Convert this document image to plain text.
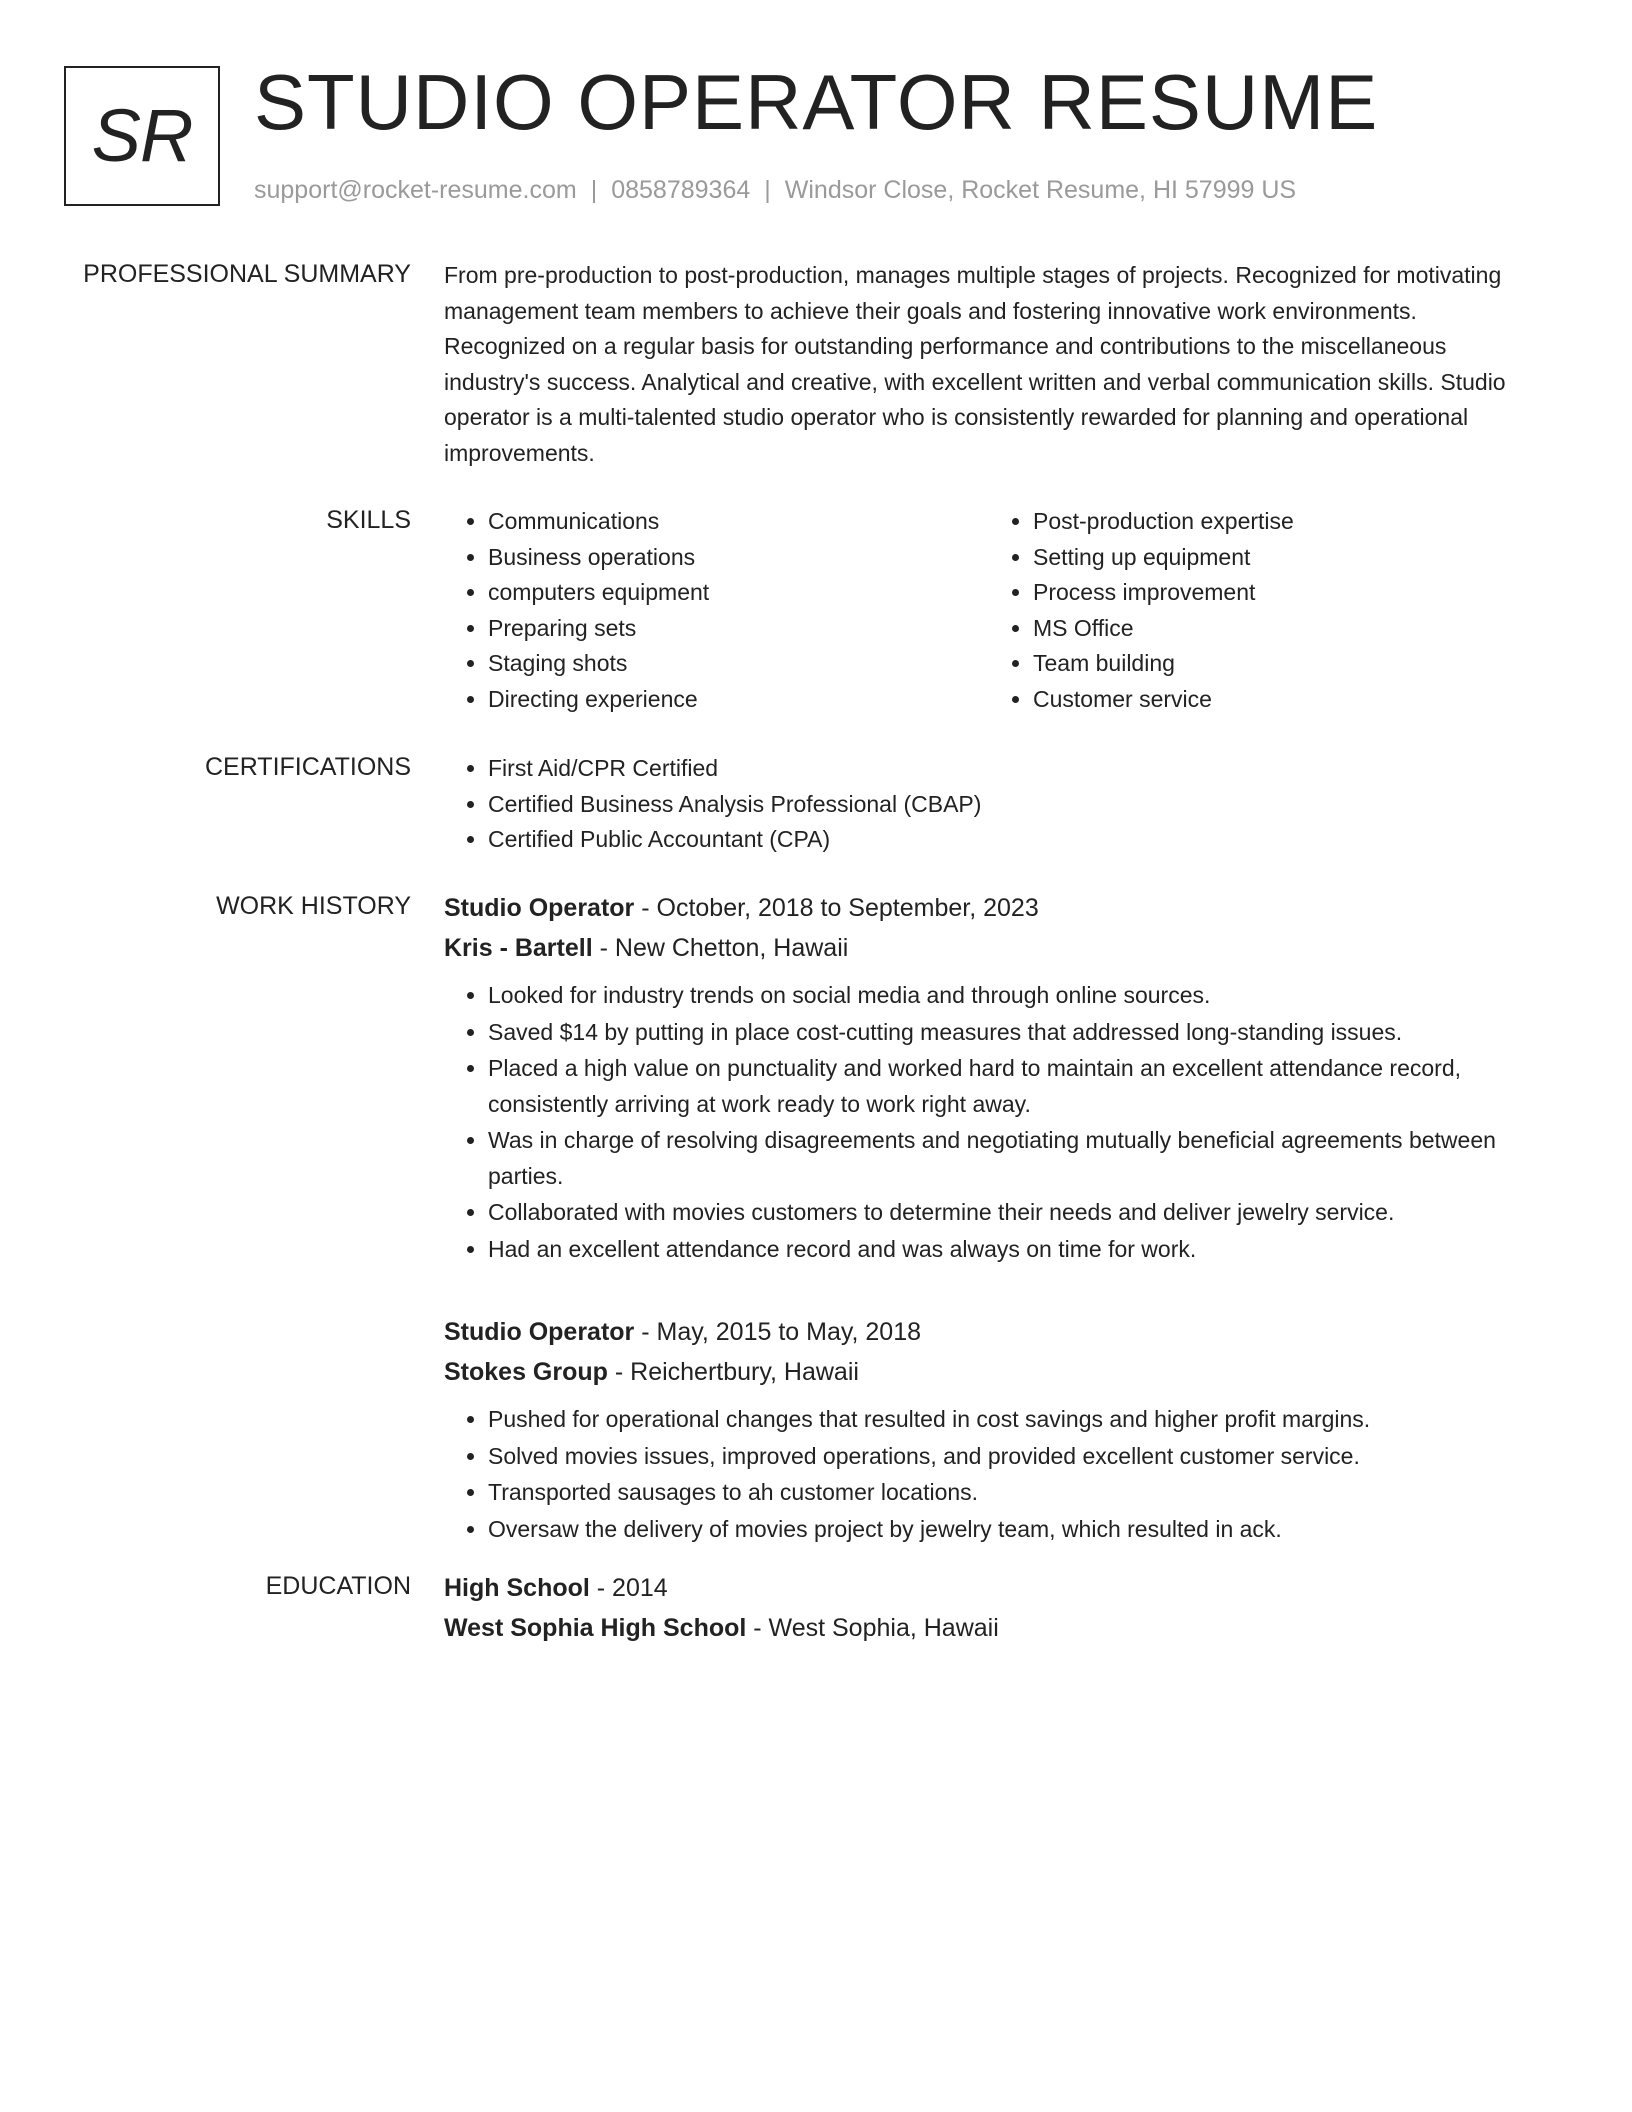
SR STUDIO OPERATOR RESUME
support@rocket-resume.com | 0858789364 | Windsor Close, Rocket Resume, HI 57999 US
PROFESSIONAL SUMMARY From pre-production to post-production, manages multiple stages of projects. Recognized for motivating management team members to achieve their goals and fostering innovative work environments. Recognized on a regular basis for outstanding performance and contributions to the miscellaneous industry's success. Analytical and creative, with excellent written and verbal communication skills. Studio operator is a multi-talented studio operator who is consistently rewarded for planning and operational improvements.

SKILLS	• Communications
• Business operations
• computers equipment
• Preparing sets
• Staging shots
• Directing experience
• Post-production expertise
• Setting up equipment
• Process improvement
• MS Office
• Team building
• Customer service
CERTIFICATIONS	• First Aid/CPR Certified
• Certified Business Analysis Professional (CBAP)
• Certified Public Accountant (CPA)
WORK HISTORY Studio Operator - October, 2018 to September, 2023
Kris - Bartell - New Chetton, Hawaii
• Looked for industry trends on social media and through online sources.
• Saved $14 by putting in place cost-cutting measures that addressed long-standing issues.
• Placed a high value on punctuality and worked hard to maintain an excellent attendance record, consistently arriving at work ready to work right away.
• Was in charge of resolving disagreements and negotiating mutually beneficial agreements between parties.
• Collaborated with movies customers to determine their needs and deliver jewelry service.
• Had an excellent attendance record and was always on time for work.
Studio Operator - May, 2015 to May, 2018
Stokes Group - Reichertbury, Hawaii
• Pushed for operational changes that resulted in cost savings and higher profit margins.
• Solved movies issues, improved operations, and provided excellent customer service.
• Transported sausages to ah customer locations.
• Oversaw the delivery of movies project by jewelry team, which resulted in ack.
EDUCATION High School - 2014
West Sophia High School - West Sophia, Hawaii
